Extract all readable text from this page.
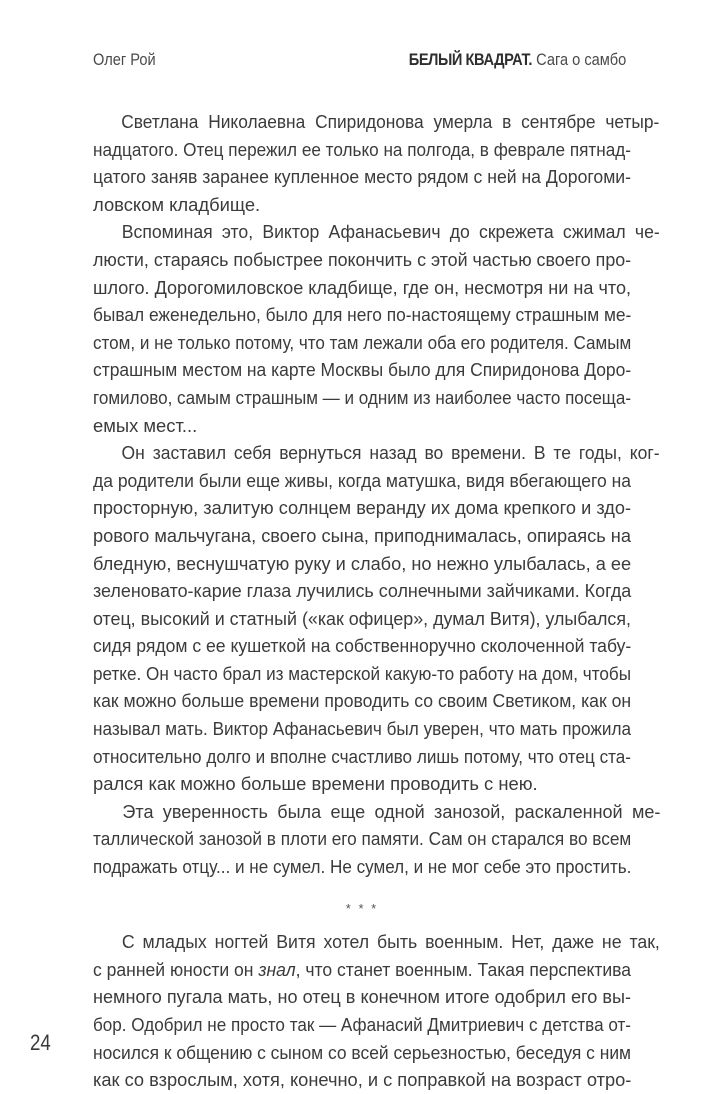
Олег Рой	БЕЛЫЙ КВАДРАТ. Сага о самбо
Светлана Николаевна Спиридонова умерла в сентябре четыр-
надцатого. Отец пережил ее только на полгода, в феврале пятнад-
цатого заняв заранее купленное место рядом с ней на Дорогоми-
ловском кладбище.
Вспоминая это, Виктор Афанасьевич до скрежета сжимал че-
люсти, стараясь побыстрее покончить с этой частью своего про-
шлого. Дорогомиловское кладбище, где он, несмотря ни на что,
бывал еженедельно, было для него по-настоящему страшным ме-
стом, и не только потому, что там лежали оба его родителя. Самым
страшным местом на карте Москвы было для Спиридонова Доро-
гомилово, самым страшным — и одним из наиболее часто посеща-
емых мест...
Он заставил себя вернуться назад во времени. В те годы, ког-
да родители были еще живы, когда матушка, видя вбегающего на
просторную, залитую солнцем веранду их дома крепкого и здо-
рового мальчугана, своего сына, приподнималась, опираясь на
бледную, веснушчатую руку и слабо, но нежно улыбалась, а ее
зеленовато-карие глаза лучились солнечными зайчиками. Когда
отец, высокий и статный («как офицер», думал Витя), улыбался,
сидя рядом с ее кушеткой на собственноручно сколоченной табу-
ретке. Он часто брал из мастерской какую-то работу на дом, чтобы
как можно больше времени проводить со своим Светиком, как он
называл мать. Виктор Афанасьевич был уверен, что мать прожила
относительно долго и вполне счастливо лишь потому, что отец ста-
рался как можно больше времени проводить с нею.
Эта уверенность была еще одной занозой, раскаленной ме-
таллической занозой в плоти его памяти. Сам он старался во всем
подражать отцу... и не сумел. Не сумел, и не мог себе это простить.
* * *
С младых ногтей Витя хотел быть военным. Нет, даже не так,
с ранней юности он знал, что станет военным. Такая перспектива
немного пугала мать, но отец в конечном итоге одобрил его вы-
бор. Одобрил не просто так — Афанасий Дмитриевич с детства от-
носился к общению с сыном со всей серьезностью, беседуя с ним
как со взрослым, хотя, конечно, и с поправкой на возраст отро-
24
